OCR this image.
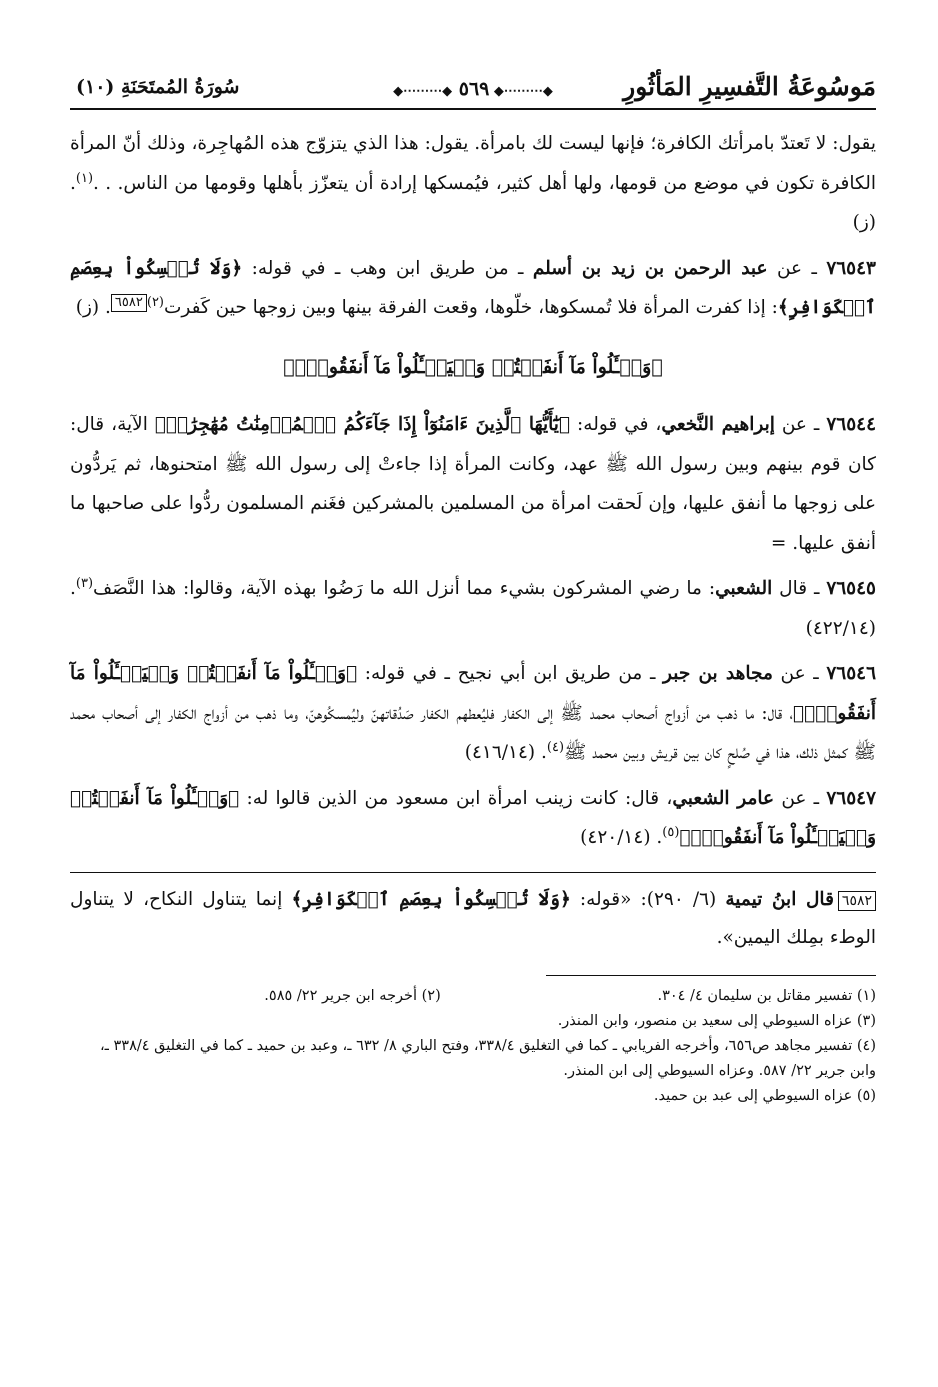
مَوسُوعَةُ التَّفسِيرِ المَأثُورِ
◆⋯⋯⋯◆ ٥٦٩ ◆⋯⋯⋯◆
سُورَةُ المُمتَحَنَةِ (١٠)

يقول: لا تَعتدّ بامرأتك الكافرة؛ فإنها ليست لك بامرأة. يقول: هذا الذي يتزوّج هذه المُهاجِرة، وذلك أنّ المرأة الكافرة تكون في موضع من قومها، ولها أهل كثير، فيُمسكها إرادة أن يتعزّز بأهلها وقومها من الناس. . .$^{(١)}$. (ز)

٧٦٥٤٣ ـ عن عبد الرحمن بن زيد بن أسلم ـ من طريق ابن وهب ـ في قوله: ﴿وَلَا تُمۡسِكُواْ بِعِصَمِ ٱلۡكَوَافِرِ﴾: إذا كفرت المرأة فلا تُمسكوها، خلّوها، وقعت الفرقة بينها وبين زوجها حين كَفرت$^{(٢)}$٦٥٨٢. (ز)

﴿وَسۡـَٔلُواْ مَآ أَنفَقۡتُمۡ وَلۡيَسۡـَٔلُواْ مَآ أَنفَقُواْۚ﴾

٧٦٥٤٤ ـ عن إبراهيم النَّخعي، في قوله: ﴿يَٰٓأَيُّهَا ٱلَّذِينَ ءَامَنُوٓاْ إِذَا جَآءَكُمُ ٱلۡمُؤۡمِنَٰتُ مُهَٰجِرَٰتٖ﴾ الآية، قال: كان قوم بينهم وبين رسول الله ﷺ عهد، وكانت المرأة إذا جاءتْ إلى رسول الله ﷺ امتحنوها، ثم يَردُّون على زوجها ما أنفق عليها، وإن لَحقت امرأة من المسلمين بالمشركين فغَنم المسلمون ردُّوا على صاحبها ما أنفق عليها. =

٧٦٥٤٥ ـ قال الشعبي: ما رضي المشركون بشيء مما أنزل الله ما رَضُوا بهذه الآية، وقالوا: هذا النَّصَف$^{(٣)}$. (٤٢٢/١٤)

٧٦٥٤٦ ـ عن مجاهد بن جبر ـ من طريق ابن أبي نجيح ـ في قوله: ﴿وَسۡـَٔلُواْ مَآ أَنفَقۡتُمۡ وَلۡيَسۡـَٔلُواْ مَآ أَنفَقُواْۚ﴾، قال: ما ذهب من أزواج أصحاب محمد ﷺ إلى الكفار فليُعطهم الكفار صَدُقاتهنّ وليُمسكُوهنّ، وما ذهب من أزواج الكفار إلى أصحاب محمد ﷺ كمثل ذلك، هذا في صُلحٍ كان بين قريش وبين محمد ﷺ$^{(٤)}$. (٤١٦/١٤)

٧٦٥٤٧ ـ عن عامر الشعبي، قال: كانت زينب امرأة ابن مسعود من الذين قالوا له: ﴿وَسۡـَٔلُواْ مَآ أَنفَقۡتُمۡ وَلۡيَسۡـَٔلُواْ مَآ أَنفَقُواْۚ﴾$^{(٥)}$. (٤٢٠/١٤)

٦٥٨٢قال ابنُ تيمية (٦/ ٢٩٠): «قوله: ﴿وَلَا تُمۡسِكُواْ بِعِصَمِ ٱلۡكَوَافِرِ﴾ إنما يتناول النكاح، لا يتناول الوطء بمِلك اليمين».

(١) تفسير مقاتل بن سليمان ٤/ ٣٠٤.

(٢) أخرجه ابن جرير ٢٢/ ٥٨٥.

(٣) عزاه السيوطي إلى سعيد بن منصور، وابن المنذر.

(٤) تفسير مجاهد ص٦٥٦، وأخرجه الفريابي ـ كما في التغليق ٣٣٨/٤، وفتح الباري ٨/ ٦٣٢ ـ، وعبد بن حميد ـ كما في التغليق ٣٣٨/٤ ـ، وابن جرير ٢٢/ ٥٨٧. وعزاه السيوطي إلى ابن المنذر.

(٥) عزاه السيوطي إلى عبد بن حميد.
